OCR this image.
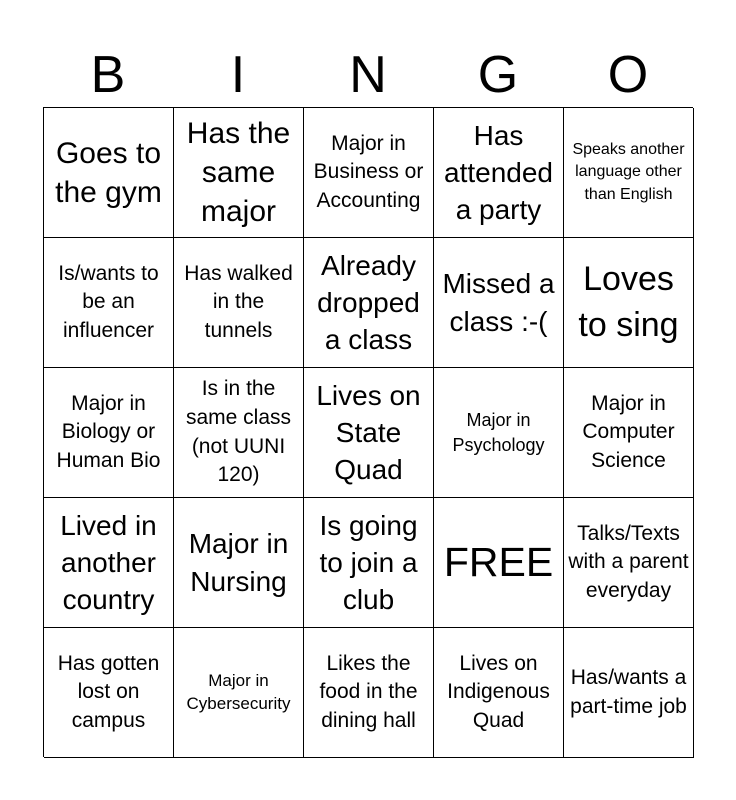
B	I	N	G	O
Goes to the gym
Has the same major
Major in Business or Accounting
Has attended a party
Speaks another language other than English
Is/wants to be an influencer
Has walked in the tunnels
Already dropped a class
Missed a class :-(
Loves to sing
Major in Biology or Human Bio
Is in the same class (not UUNI 120)
Lives on State Quad
Major in Psychology
Major in Computer Science
Lived in another country
Major in Nursing
Is going to join a club
FREE
Talks/Texts with a parent everyday
Has gotten lost on campus
Major in Cybersecurity
Likes the food in the dining hall
Lives on Indigenous Quad
Has/wants a part-time job
